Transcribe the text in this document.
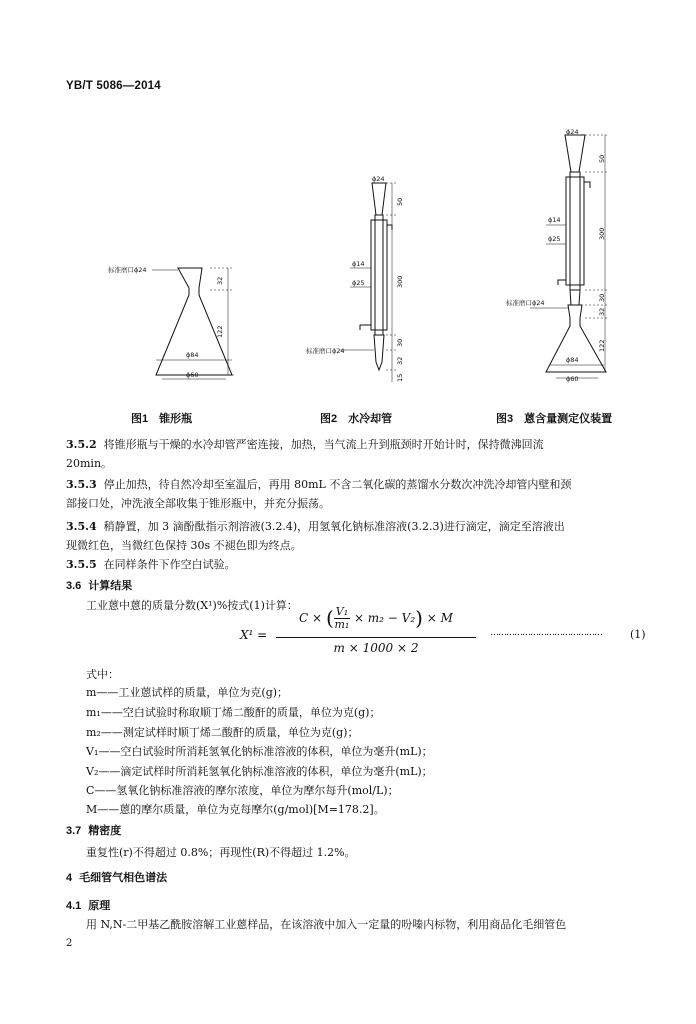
YB/T 5086—2014
标准磨口ϕ24
32
122
ϕ84
ϕ60
ϕ24
50
300
30
32
15
ϕ14
ϕ25
标准磨口ϕ24
ϕ24
50
300
30
32
122
ϕ14
ϕ25
标准磨口ϕ24
ϕ84
ϕ60
图1　锥形瓶	图2　水冷却管	图3　蒽含量测定仪装置
3.5.2 将锥形瓶与干燥的水冷却管严密连接，加热，当气流上升到瓶颈时开始计时，保持微沸回流
20min。
3.5.3 停止加热，待自然冷却至室温后，再用 80mL 不含二氧化碳的蒸馏水分数次冲洗冷却管内壁和颈
部接口处，冲洗液全部收集于锥形瓶中，并充分振荡。
3.5.4 稍静置，加 3 滴酚酞指示剂溶液(3.2.4)，用氢氧化钠标准溶液(3.2.3)进行滴定，滴定至溶液出
现微红色，当微红色保持 30s 不褪色即为终点。
3.5.5 在同样条件下作空白试验。
3.6 计算结果
工业蒽中蒽的质量分数(X¹)%按式(1)计算：
X¹ =
C × ( $\frac{\text{V₁}}{\text{m₁}} \times m_2 - V_2) \times M$
m × 1000 × 2
……………………………………	(1)
式中：
m——工业蒽试样的质量，单位为克(g)；
m₁——空白试验时称取顺丁烯二酸酐的质量，单位为克(g)；
m₂——测定试样时顺丁烯二酸酐的质量，单位为克(g)；
V₁——空白试验时所消耗氢氧化钠标准溶液的体积，单位为毫升(mL)；
V₂——滴定试样时所消耗氢氧化钠标准溶液的体积，单位为毫升(mL)；
C——氢氧化钠标准溶液的摩尔浓度，单位为摩尔每升(mol/L)；
M——蒽的摩尔质量，单位为克每摩尔(g/mol)[M=178.2]。
3.7 精密度
重复性(r)不得超过 0.8%；再现性(R)不得超过 1.2%。
4 毛细管气相色谱法
4.1 原理
用 N,N-二甲基乙酰胺溶解工业蒽样品，在该溶液中加入一定量的吩嗪内标物，利用商品化毛细管色
2
